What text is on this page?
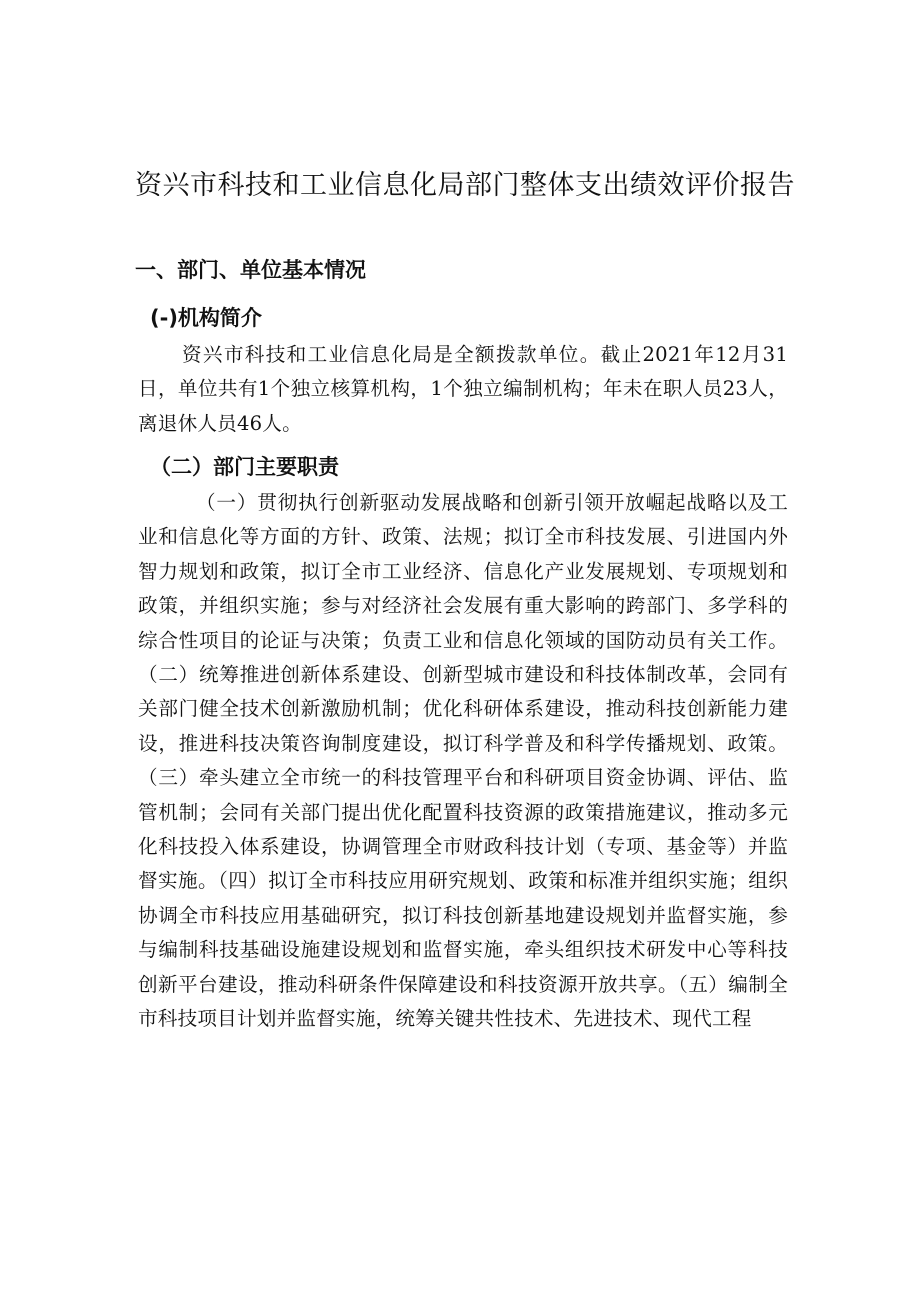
资兴市科技和工业信息化局部门整体支出绩效评价报告
一、部门、单位基本情况
(-)机构简介
资兴市科技和工业信息化局是全额拨款单位。截止2021年12月31日，单位共有1个独立核算机构，1个独立编制机构；年未在职人员23人，离退休人员46人。
（二）部门主要职责
（一）贯彻执行创新驱动发展战略和创新引领开放崛起战略以及工业和信息化等方面的方针、政策、法规；拟订全市科技发展、引进国内外智力规划和政策，拟订全市工业经济、信息化产业发展规划、专项规划和政策，并组织实施；参与对经济社会发展有重大影响的跨部门、多学科的综合性项目的论证与决策；负责工业和信息化领域的国防动员有关工作。（二）统筹推进创新体系建设、创新型城市建设和科技体制改革，会同有关部门健全技术创新激励机制；优化科研体系建设，推动科技创新能力建设，推进科技决策咨询制度建设，拟订科学普及和科学传播规划、政策。（三）牵头建立全市统一的科技管理平台和科研项目资金协调、评估、监管机制；会同有关部门提出优化配置科技资源的政策措施建议，推动多元化科技投入体系建设，协调管理全市财政科技计划（专项、基金等）并监督实施。（四）拟订全市科技应用研究规划、政策和标准并组织实施；组织协调全市科技应用基础研究，拟订科技创新基地建设规划并监督实施，参与编制科技基础设施建设规划和监督实施，牵头组织技术研发中心等科技创新平台建设，推动科研条件保障建设和科技资源开放共享。（五）编制全市科技项目计划并监督实施，统筹关键共性技术、先进技术、现代工程
